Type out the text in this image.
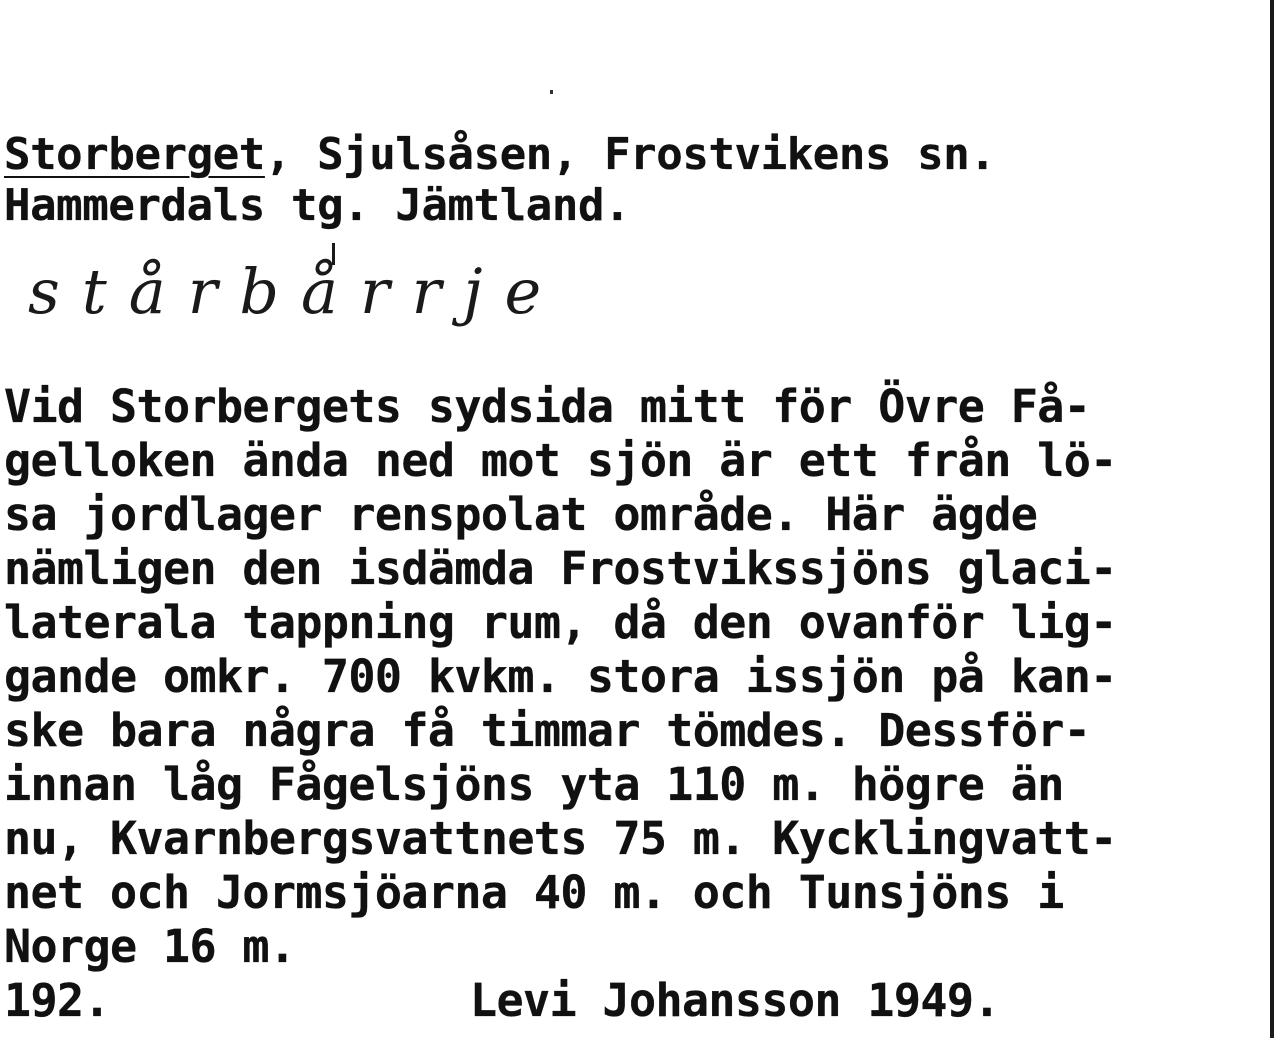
Storberget, Sjulsåsen, Frostvikens sn.
Hammerdals tg. Jämtland.
stårbårrje
Vid Storbergets sydsida mitt för Övre Få-
gelloken ända ned mot sjön är ett från lö-
sa jordlager renspolat område. Här ägde
nämligen den isdämda Frostvikssjöns glaci-
laterala tappning rum, då den ovanför lig-
gande omkr. 700 kvkm. stora issjön på kan-
ske bara några få timmar tömdes. Dessför-
innan låg Fågelsjöns yta 110 m. högre än
nu, Kvarnbergsvattnets 75 m. Kycklingvatt-
net och Jormsjöarna 40 m. och Tunsjöns i
Norge 16 m.
192.	Levi Johansson 1949.
